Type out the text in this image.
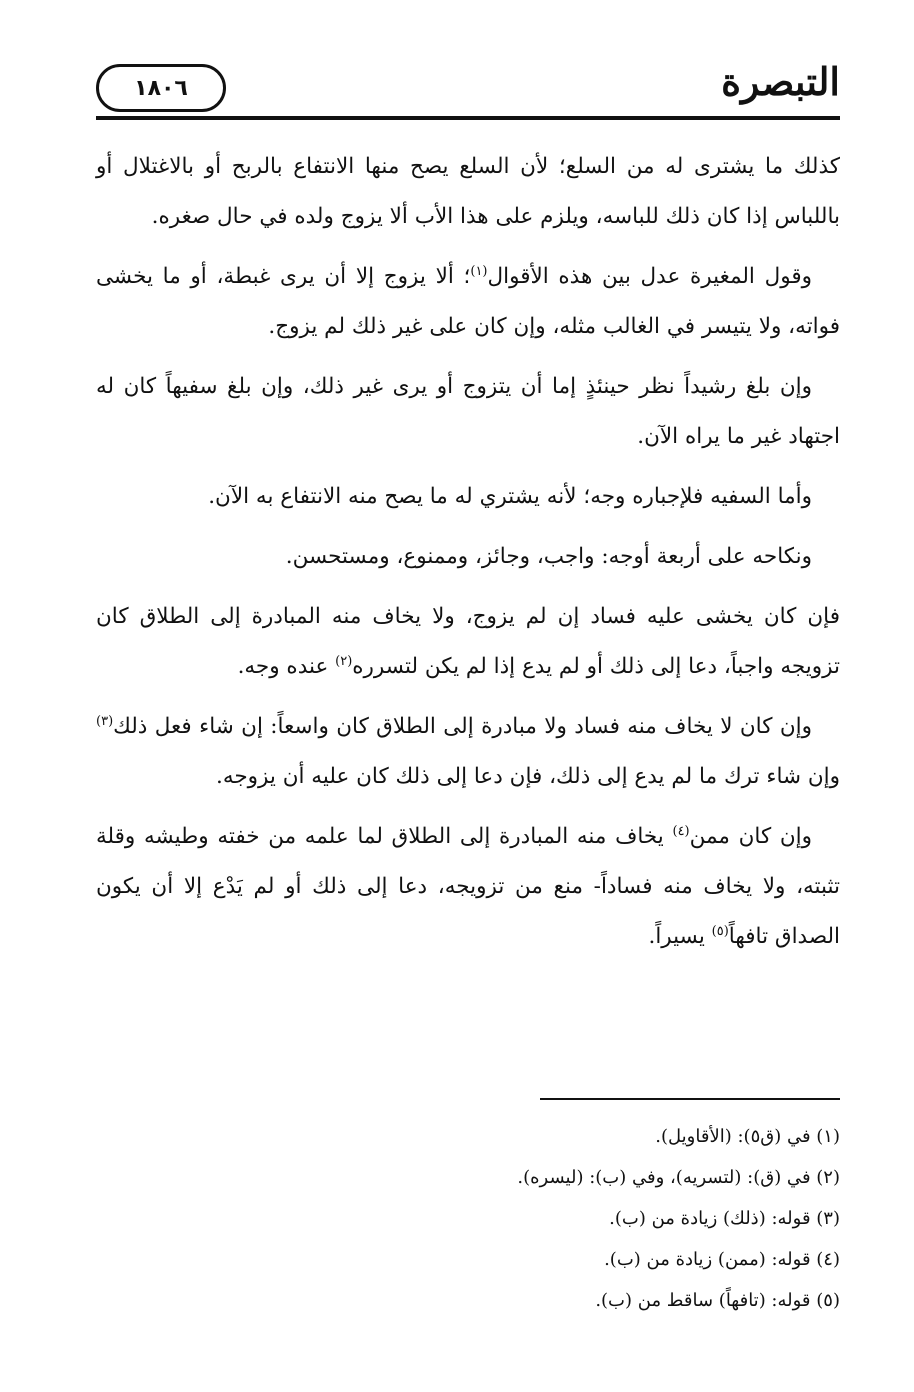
١٨٠٦	التبصرة

كذلك ما يشترى له من السلع؛ لأن السلع يصح منها الانتفاع بالربح أو بالاغتلال أو باللباس إذا كان ذلك للباسه، ويلزم على هذا الأب ألا يزوج ولده في حال صغره.

وقول المغيرة عدل بين هذه الأقوال$^{(١)}$؛ ألا يزوج إلا أن يرى غبطة، أو ما يخشى فواته، ولا يتيسر في الغالب مثله، وإن كان على غير ذلك لم يزوج.

وإن بلغ رشيداً نظر حينئذٍ إما أن يتزوج أو يرى غير ذلك، وإن بلغ سفيهاً كان له اجتهاد غير ما يراه الآن.

وأما السفيه فلإجباره وجه؛ لأنه يشتري له ما يصح منه الانتفاع به الآن.

ونكاحه على أربعة أوجه: واجب، وجائز، وممنوع، ومستحسن.

فإن كان يخشى عليه فساد إن لم يزوج، ولا يخاف منه المبادرة إلى الطلاق كان تزويجه واجباً، دعا إلى ذلك أو لم يدع إذا لم يكن لتسرره$^{(٢)}$ عنده وجه.

وإن كان لا يخاف منه فساد ولا مبادرة إلى الطلاق كان واسعاً: إن شاء فعل ذلك$^{(٣)}$ وإن شاء ترك ما لم يدع إلى ذلك، فإن دعا إلى ذلك كان عليه أن يزوجه.

وإن كان ممن$^{(٤)}$ يخاف منه المبادرة إلى الطلاق لما علمه من خفته وطيشه وقلة تثبته، ولا يخاف منه فساداً- منع من تزويجه، دعا إلى ذلك أو لم يَدْع إلا أن يكون الصداق تافهاً$^{(٥)}$ يسيراً.

(١) في (ق٥): (الأقاويل).
(٢) في (ق): (لتسريه)، وفي (ب): (ليسره).
(٣) قوله: (ذلك) زيادة من (ب).
(٤) قوله: (ممن) زيادة من (ب).
(٥) قوله: (تافهاً) ساقط من (ب).
